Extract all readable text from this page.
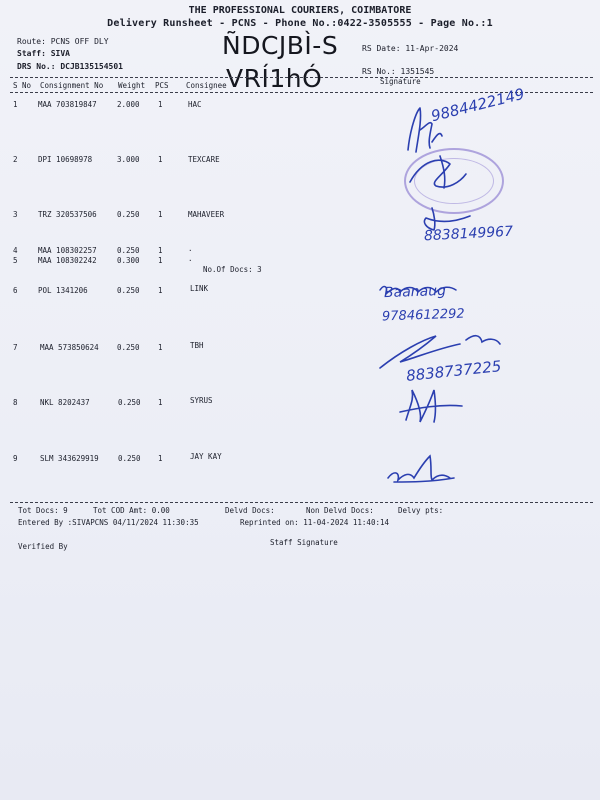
THE PROFESSIONAL COURIERS, COIMBATORE
Delivery Runsheet - PCNS - Phone No.:0422-3505555 - Page No.:1
Route: PCNS OFF DLY
Staff: SIVA
DRS No.: DCJB135154501
ÑDCJBÌ-S
VRÍ1hÓ
RS Date: 11-Apr-2024
RS No.: 1351545
S No Consignment No Weight PCS Consignee	Signature
1	MAA 703819847	2.000 1	HAC
2	DPI 10698978	3.000 1	TEXCARE
3	TRZ 320537506	0.250 1	MAHAVEER
4	MAA 108302257	0.250 1	.
5	MAA 108302242	0.300 1	.
No.Of Docs: 3
6	POL 1341206	0.250 1	LINK
7	MAA 573850624 0.250 1	TBH
8	NKL 8202437	0.250 1	SYRUS
9	SLM 343629919	0.250 1	JAY KAY
9884422149
8838149967
Baanaug
9784612292
8838737225
Tot Docs: 9	Tot COD Amt: 0.00	Delvd Docs:	Non Delvd Docs:	Delvy pts:
Entered By :SIVAPCNS 04/11/2024 11:30:35	Reprinted on: 11-04-2024 11:40:14
Verified By	Staff Signature
